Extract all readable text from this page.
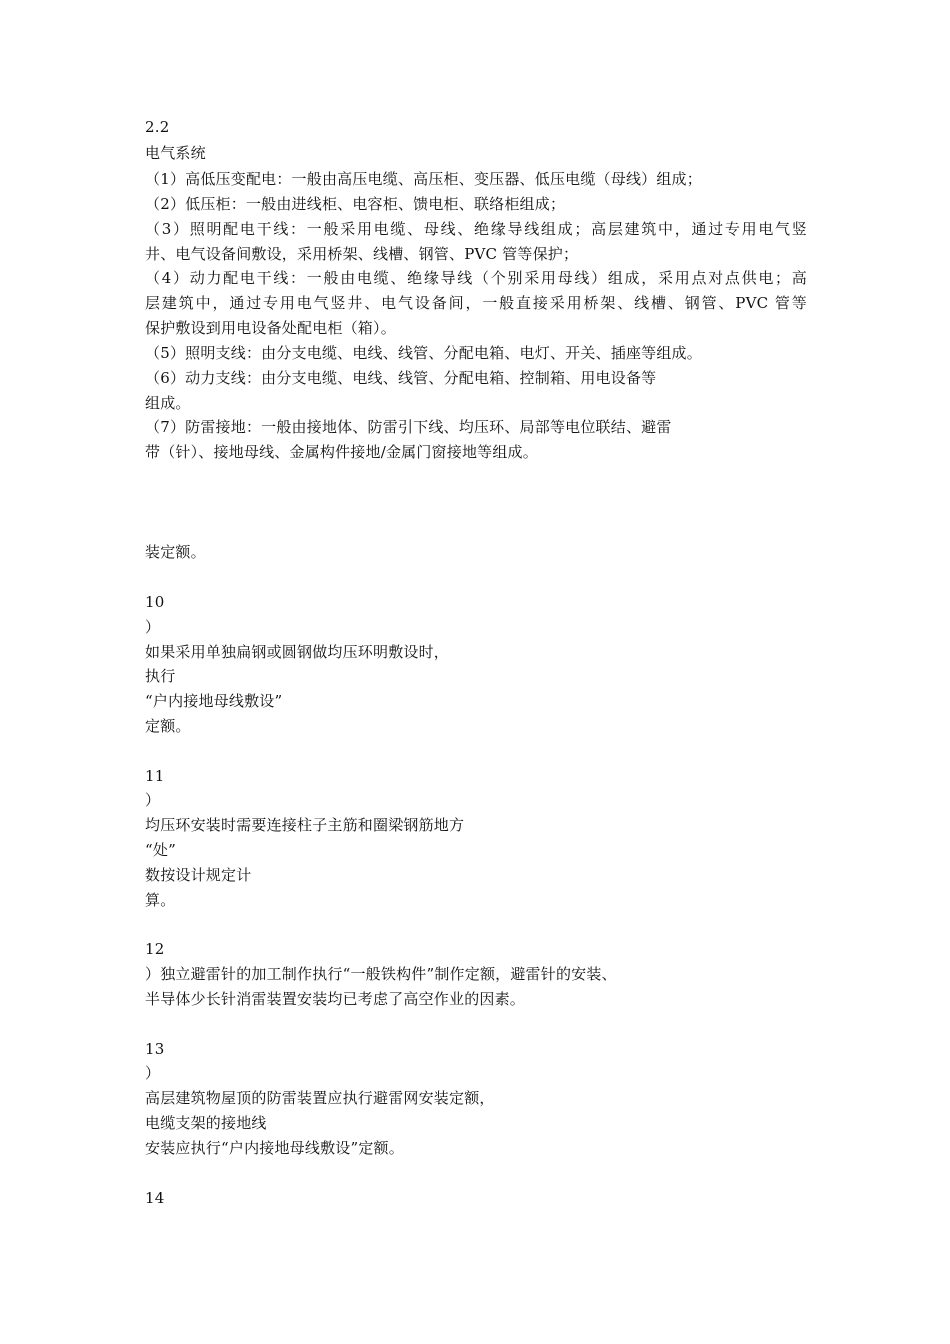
2.2
电气系统
（1）高低压变配电：一般由高压电缆、高压柜、变压器、低压电缆（母线）组成；
（2）低压柜：一般由进线柜、电容柜、馈电柜、联络柜组成；
（3）照明配电干线：一般采用电缆、母线、绝缘导线组成；高层建筑中，通过专用电气竖
井、电气设备间敷设，采用桥架、线槽、钢管、PVC 管等保护；
（4）动力配电干线：一般由电缆、绝缘导线（个别采用母线）组成，采用点对点供电；高
层建筑中，通过专用电气竖井、电气设备间，一般直接采用桥架、线槽、钢管、PVC 管等
保护敷设到用电设备处配电柜（箱）。
（5）照明支线：由分支电缆、电线、线管、分配电箱、电灯、开关、插座等组成。
（6）动力支线：由分支电缆、电线、线管、分配电箱、控制箱、用电设备等
组成。
（7）防雷接地：一般由接地体、防雷引下线、均压环、局部等电位联结、避雷
带（针）、接地母线、金属构件接地/金属门窗接地等组成。
装定额。
10
）
如果采用单独扁钢或圆钢做均压环明敷设时，
执行
“户内接地母线敷设”
定额。
11
）
均压环安装时需要连接柱子主筋和圈梁钢筋地方
“处”
数按设计规定计
算。
12
）独立避雷针的加工制作执行“一般铁构件”制作定额，避雷针的安装、
半导体少长针消雷装置安装均已考虑了高空作业的因素。
13
）
高层建筑物屋顶的防雷装置应执行避雷网安装定额，
电缆支架的接地线
安装应执行“户内接地母线敷设”定额。
14
